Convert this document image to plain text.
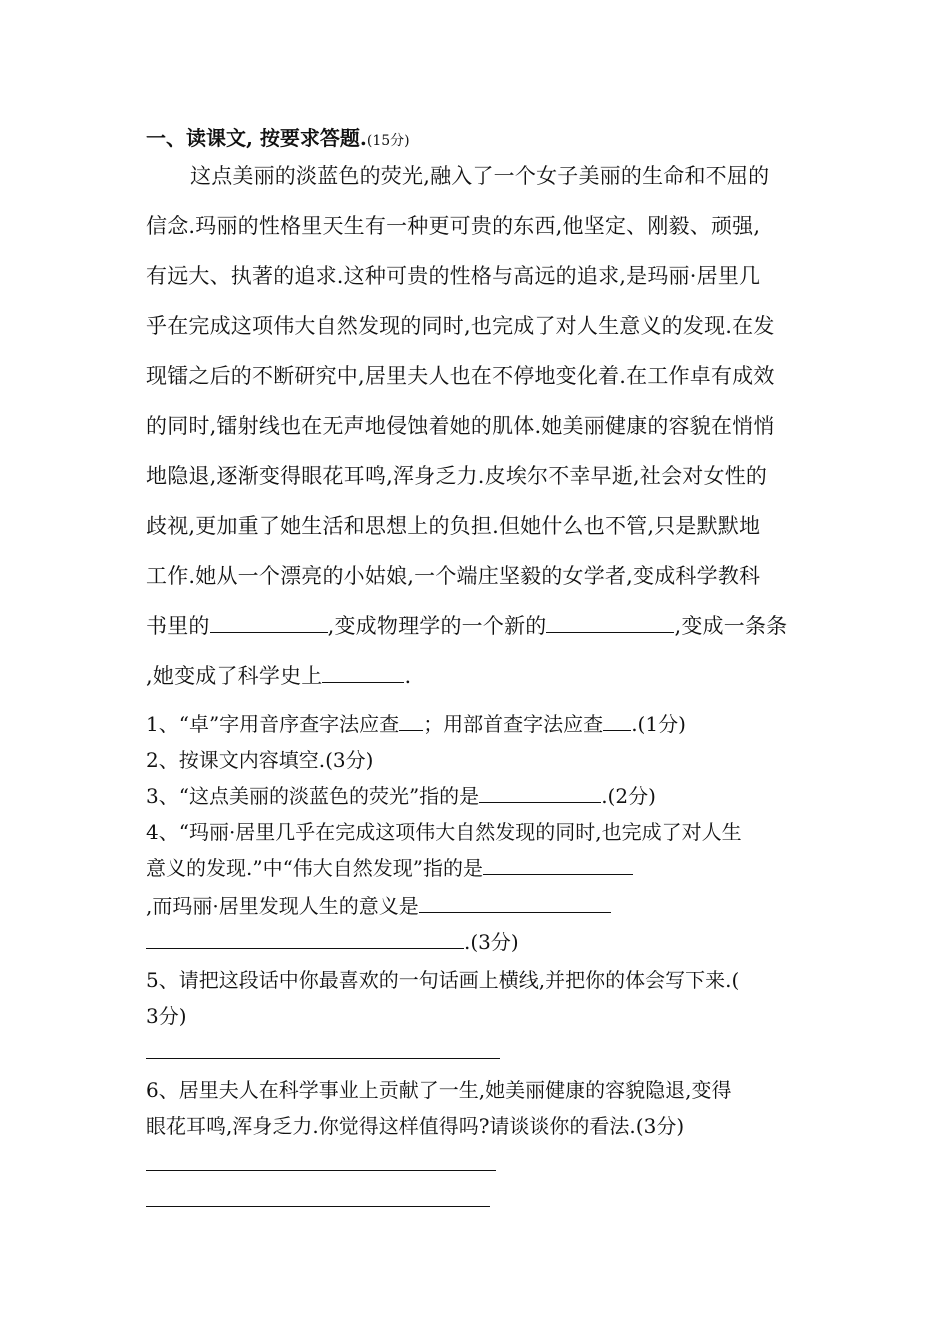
一、读课文, 按要求答题.(15分)
这点美丽的淡蓝色的荧光,融入了一个女子美丽的生命和不屈的
信念.玛丽的性格里天生有一种更可贵的东西,他坚定、刚毅、顽强,
有远大、执著的追求.这种可贵的性格与高远的追求,是玛丽·居里几
乎在完成这项伟大自然发现的同时,也完成了对人生意义的发现.在发
现镭之后的不断研究中,居里夫人也在不停地变化着.在工作卓有成效
的同时,镭射线也在无声地侵蚀着她的肌体.她美丽健康的容貌在悄悄
地隐退,逐渐变得眼花耳鸣,浑身乏力.皮埃尔不幸早逝,社会对女性的
歧视,更加重了她生活和思想上的负担.但她什么也不管,只是默默地
工作.她从一个漂亮的小姑娘,一个端庄坚毅的女学者,变成科学教科
书里的	,变成物理学的一个新的	,变成一条条
,她变成了科学史上	.
1、“卓”字用音序查字法应查 ；用部首查字法应查 .(1分)
2、按课文内容填空.(3分)
3、“这点美丽的淡蓝色的荧光”指的是	.(2分)
4、“玛丽·居里几乎在完成这项伟大自然发现的同时,也完成了对人生
意义的发现.”中“伟大自然发现”指的是
,而玛丽·居里发现人生的意义是
.(3分)
5、请把这段话中你最喜欢的一句话画上横线,并把你的体会写下来.(
3分)
6、居里夫人在科学事业上贡献了一生,她美丽健康的容貌隐退,变得
眼花耳鸣,浑身乏力.你觉得这样值得吗?请谈谈你的看法.(3分)
